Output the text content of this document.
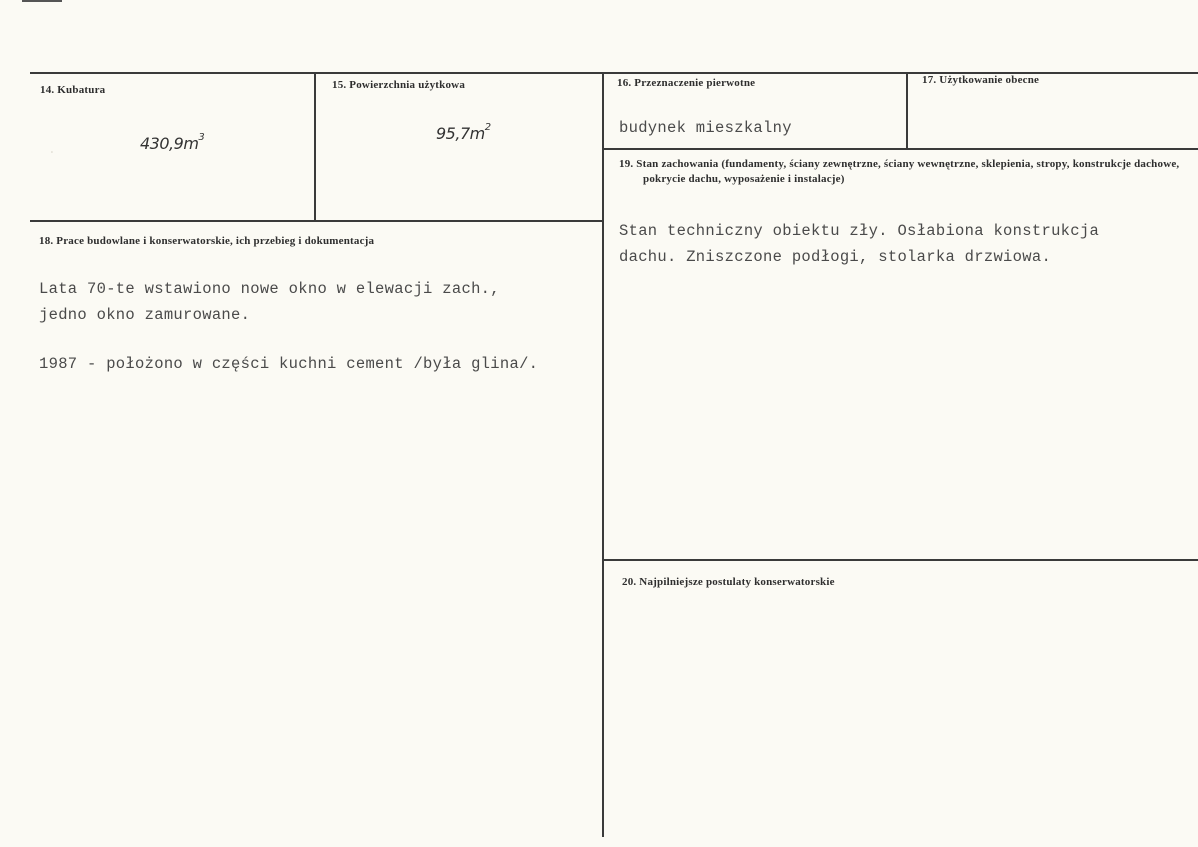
14. Kubatura
.	$430,9m^3$
15. Powierzchnia użytkowa
$95,7m^2$
16. Przeznaczenie pierwotne
budynek mieszkalny
17. Użytkowanie obecne
18. Prace budowlane i konserwatorskie, ich przebieg i dokumentacja
Lata 70-te wstawiono nowe okno w elewacji zach.,
jedno okno zamurowane.
1987 - położono w części kuchni cement /była glina/.
19. Stan zachowania (fundamenty, ściany zewnętrzne, ściany wewnętrzne, sklepienia, stropy, konstrukcje dachowe, pokrycie dachu, wyposażenie i instalacje)
Stan techniczny obiektu zły. Osłabiona konstrukcja
dachu. Zniszczone podłogi, stolarka drzwiowa.
20. Najpilniejsze postulaty konserwatorskie
